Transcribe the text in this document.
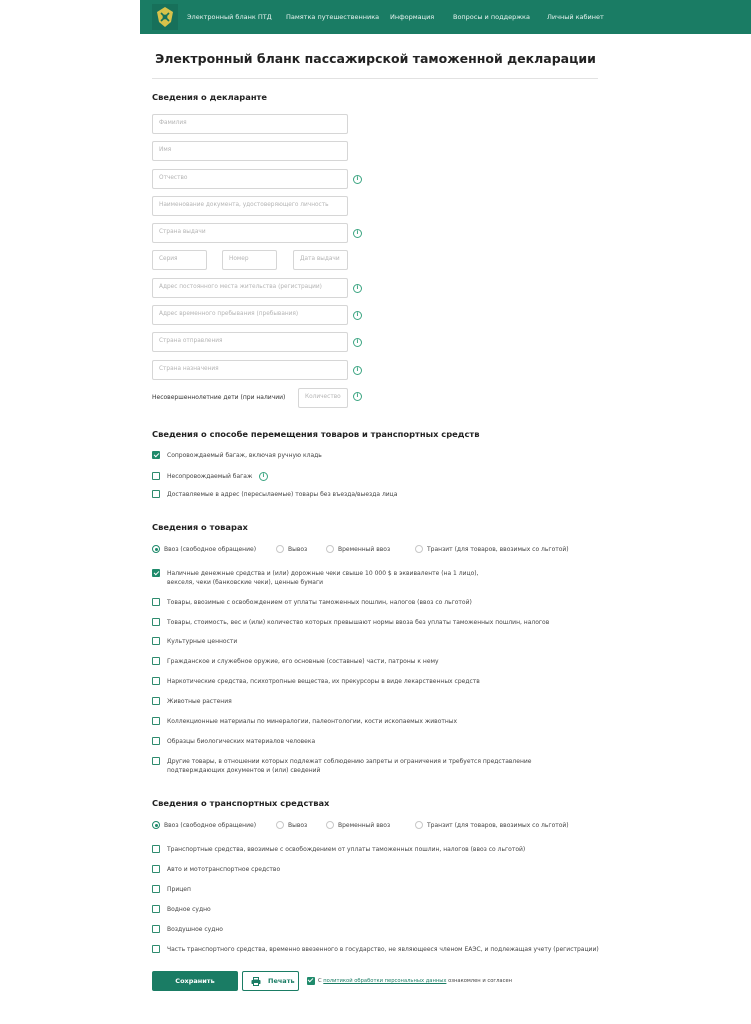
Электронный бланк ПТД Памятка путешественника Информация	Вопросы и поддержка	Личный кабинет
Электронный бланк пассажирской таможенной декларации
Сведения о декларанте
Фамилия
Имя
Отчество	i
Наименование документа, удостоверяющего личность
Страна выдачи	i
Серия	Номер	Дата выдачи
Адрес постоянного места жительства (регистрации)	i
Адрес временного пребывания (пребывания)	i
Страна отправления	i
Страна назначения	i
Несовершеннолетние дети (при наличии)	Количество	i
Сведения о способе перемещения товаров и транспортных средств
Сопровождаемый багаж, включая ручную кладь
Несопровождаемый багаж	i
Доставляемые в адрес (пересылаемые) товары без въезда/выезда лица
Сведения о товарах
Ввоз (свободное обращение)	Вывоз	Временный ввоз	Транзит (для товаров, ввозимых со льготой)
Наличные денежные средства и (или) дорожные чеки свыше 10 000 $ в эквиваленте (на 1 лицо),
векселя, чеки (банковские чеки), ценные бумаги
Товары, ввозимые с освобождением от уплаты таможенных пошлин, налогов (ввоз со льготой)
Товары, стоимость, вес и (или) количество которых превышают нормы ввоза без уплаты таможенных пошлин, налогов
Культурные ценности
Гражданское и служебное оружие, его основные (составные) части, патроны к нему
Наркотические средства, психотропные вещества, их прекурсоры в виде лекарственных средств
Животные растения
Коллекционные материалы по минералогии, палеонтологии, кости ископаемых животных
Образцы биологических материалов человека
Другие товары, в отношении которых подлежат соблюдению запреты и ограничения и требуется представление
подтверждающих документов и (или) сведений
Сведения о транспортных средствах
Ввоз (свободное обращение)	Вывоз	Временный ввоз	Транзит (для товаров, ввозимых со льготой)
Транспортные средства, ввозимые с освобождением от уплаты таможенных пошлин, налогов (ввоз со льготой)
Авто и мототранспортное средство
Прицеп
Водное судно
Воздушное судно
Часть транспортного средства, временно ввезенного в государство, не являющееся членом ЕАЭС, и подлежащая учету (регистрации)
Сохранить	Печать	С политикой обработки персональных данных ознакомлен и согласен
